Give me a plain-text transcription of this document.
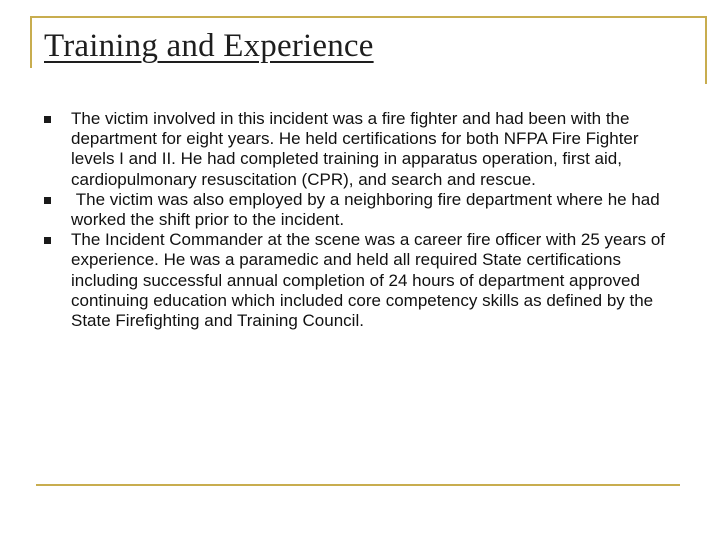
Training and Experience
The victim involved in this incident was a fire fighter and had been with the department for eight years. He held certifications for both NFPA Fire Fighter levels I and II. He had completed training in apparatus operation, first aid, cardiopulmonary resuscitation (CPR), and search and rescue.
The victim was also employed by a neighboring fire department where he had worked the shift prior to the incident.
The Incident Commander at the scene was a career fire officer with 25 years of experience. He was a paramedic and held all required State certifications including successful annual completion of 24 hours of department approved continuing education which included core competency skills as defined by the State Firefighting and Training Council.
